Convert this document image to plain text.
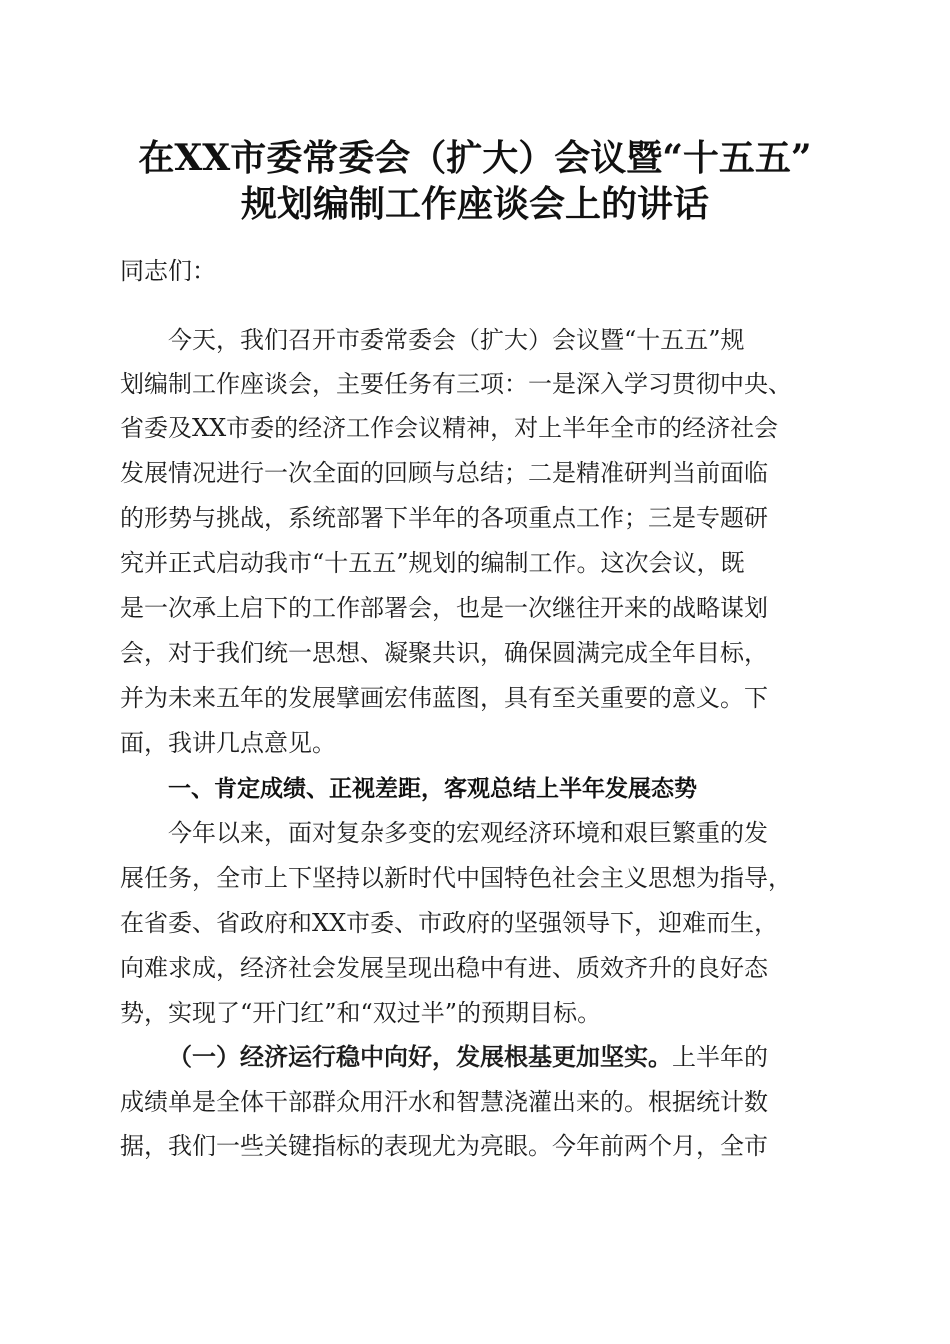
在XX市委常委会（扩大）会议暨“十五五”
规划编制工作座谈会上的讲话

同志们：

今天，我们召开市委常委会（扩大）会议暨“十五五”规

划编制工作座谈会，主要任务有三项：一是深入学习贯彻中央、

省委及XX市委的经济工作会议精神，对上半年全市的经济社会

发展情况进行一次全面的回顾与总结；二是精准研判当前面临

的形势与挑战，系统部署下半年的各项重点工作；三是专题研

究并正式启动我市“十五五”规划的编制工作。这次会议，既

是一次承上启下的工作部署会，也是一次继往开来的战略谋划

会，对于我们统一思想、凝聚共识，确保圆满完成全年目标，

并为未来五年的发展擘画宏伟蓝图，具有至关重要的意义。下

面，我讲几点意见。

一、肯定成绩、正视差距，客观总结上半年发展态势

今年以来，面对复杂多变的宏观经济环境和艰巨繁重的发

展任务，全市上下坚持以新时代中国特色社会主义思想为指导，

在省委、省政府和XX市委、市政府的坚强领导下，迎难而生，

向难求成，经济社会发展呈现出稳中有进、质效齐升的良好态

势，实现了“开门红”和“双过半”的预期目标。

（一）经济运行稳中向好，发展根基更加坚实。上半年的

成绩单是全体干部群众用汗水和智慧浇灌出来的。根据统计数

据，我们一些关键指标的表现尤为亮眼。今年前两个月，全市
